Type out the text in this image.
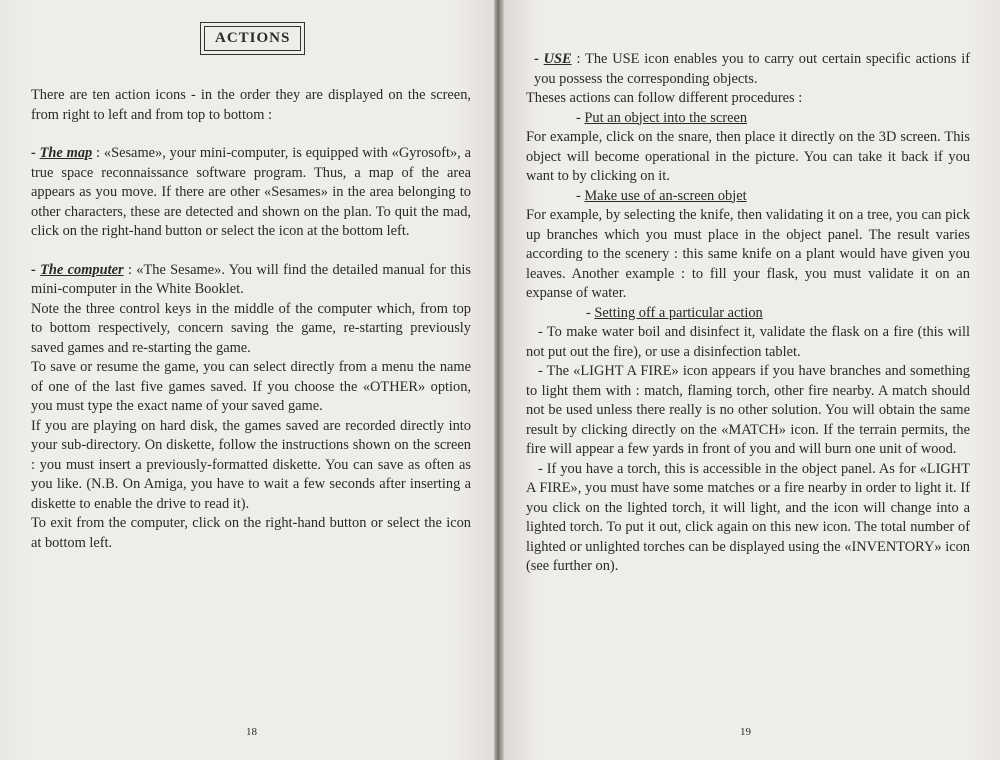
ACTIONS

There are ten action icons - in the order they are displayed on the screen, from right to left and from top to bottom :

- The map : «Sesame», your mini-computer, is equipped with «Gyrosoft», a true space reconnaissance software program. Thus, a map of the area appears as you move. If there are other «Sesames» in the area belonging to other characters, these are detected and shown on the plan. To quit the mad, click on the right-hand button or select the icon at the bottom left.

- The computer : «The Sesame». You will find the detailed manual for this mini-computer in the White Booklet.

Note the three control keys in the middle of the computer which, from top to bottom respectively, concern saving the game, re-starting previously saved games and re-starting the game.

To save or resume the game, you can select directly from a menu the name of one of the last five games saved. If you choose the «OTHER» option, you must type the exact name of your saved game.

If you are playing on hard disk, the games saved are recorded directly into your sub-directory. On diskette, follow the instructions shown on the screen : you must insert a previously-formatted diskette. You can save as often as you like. (N.B. On Amiga, you have to wait a few seconds after inserting a diskette to enable the drive to read it).

To exit from the computer, click on the right-hand button or select the icon at bottom left.

18

- USE : The USE icon enables you to carry out certain specific actions if you possess the corresponding objects.

Theses actions can follow different procedures :

- Put an object into the screen

For example, click on the snare, then place it directly on the 3D screen. This object will become operational in the picture. You can take it back if you want to by clicking on it.

- Make use of an-screen objet

For example, by selecting the knife, then validating it on a tree, you can pick up branches which you must place in the object panel. The result varies according to the scenery : this same knife on a plant would have given you leaves. Another example : to fill your flask, you must validate it on an expanse of water.

- Setting off a particular action

- To make water boil and disinfect it, validate the flask on a fire (this will not put out the fire), or use a disinfection tablet.

- The «LIGHT A FIRE» icon appears if you have branches and something to light them with : match, flaming torch, other fire nearby. A match should not be used unless there really is no other solution. You will obtain the same result by clicking directly on the «MATCH» icon. If the terrain permits, the fire will appear a few yards in front of you and will burn one unit of wood.

- If you have a torch, this is accessible in the object panel. As for «LIGHT A FIRE», you must have some matches or a fire nearby in order to light it. If you click on the lighted torch, it will light, and the icon will change into a lighted torch. To put it out, click again on this new icon. The total number of lighted or unlighted torches can be displayed using the «INVENTORY» icon (see further on).

19
